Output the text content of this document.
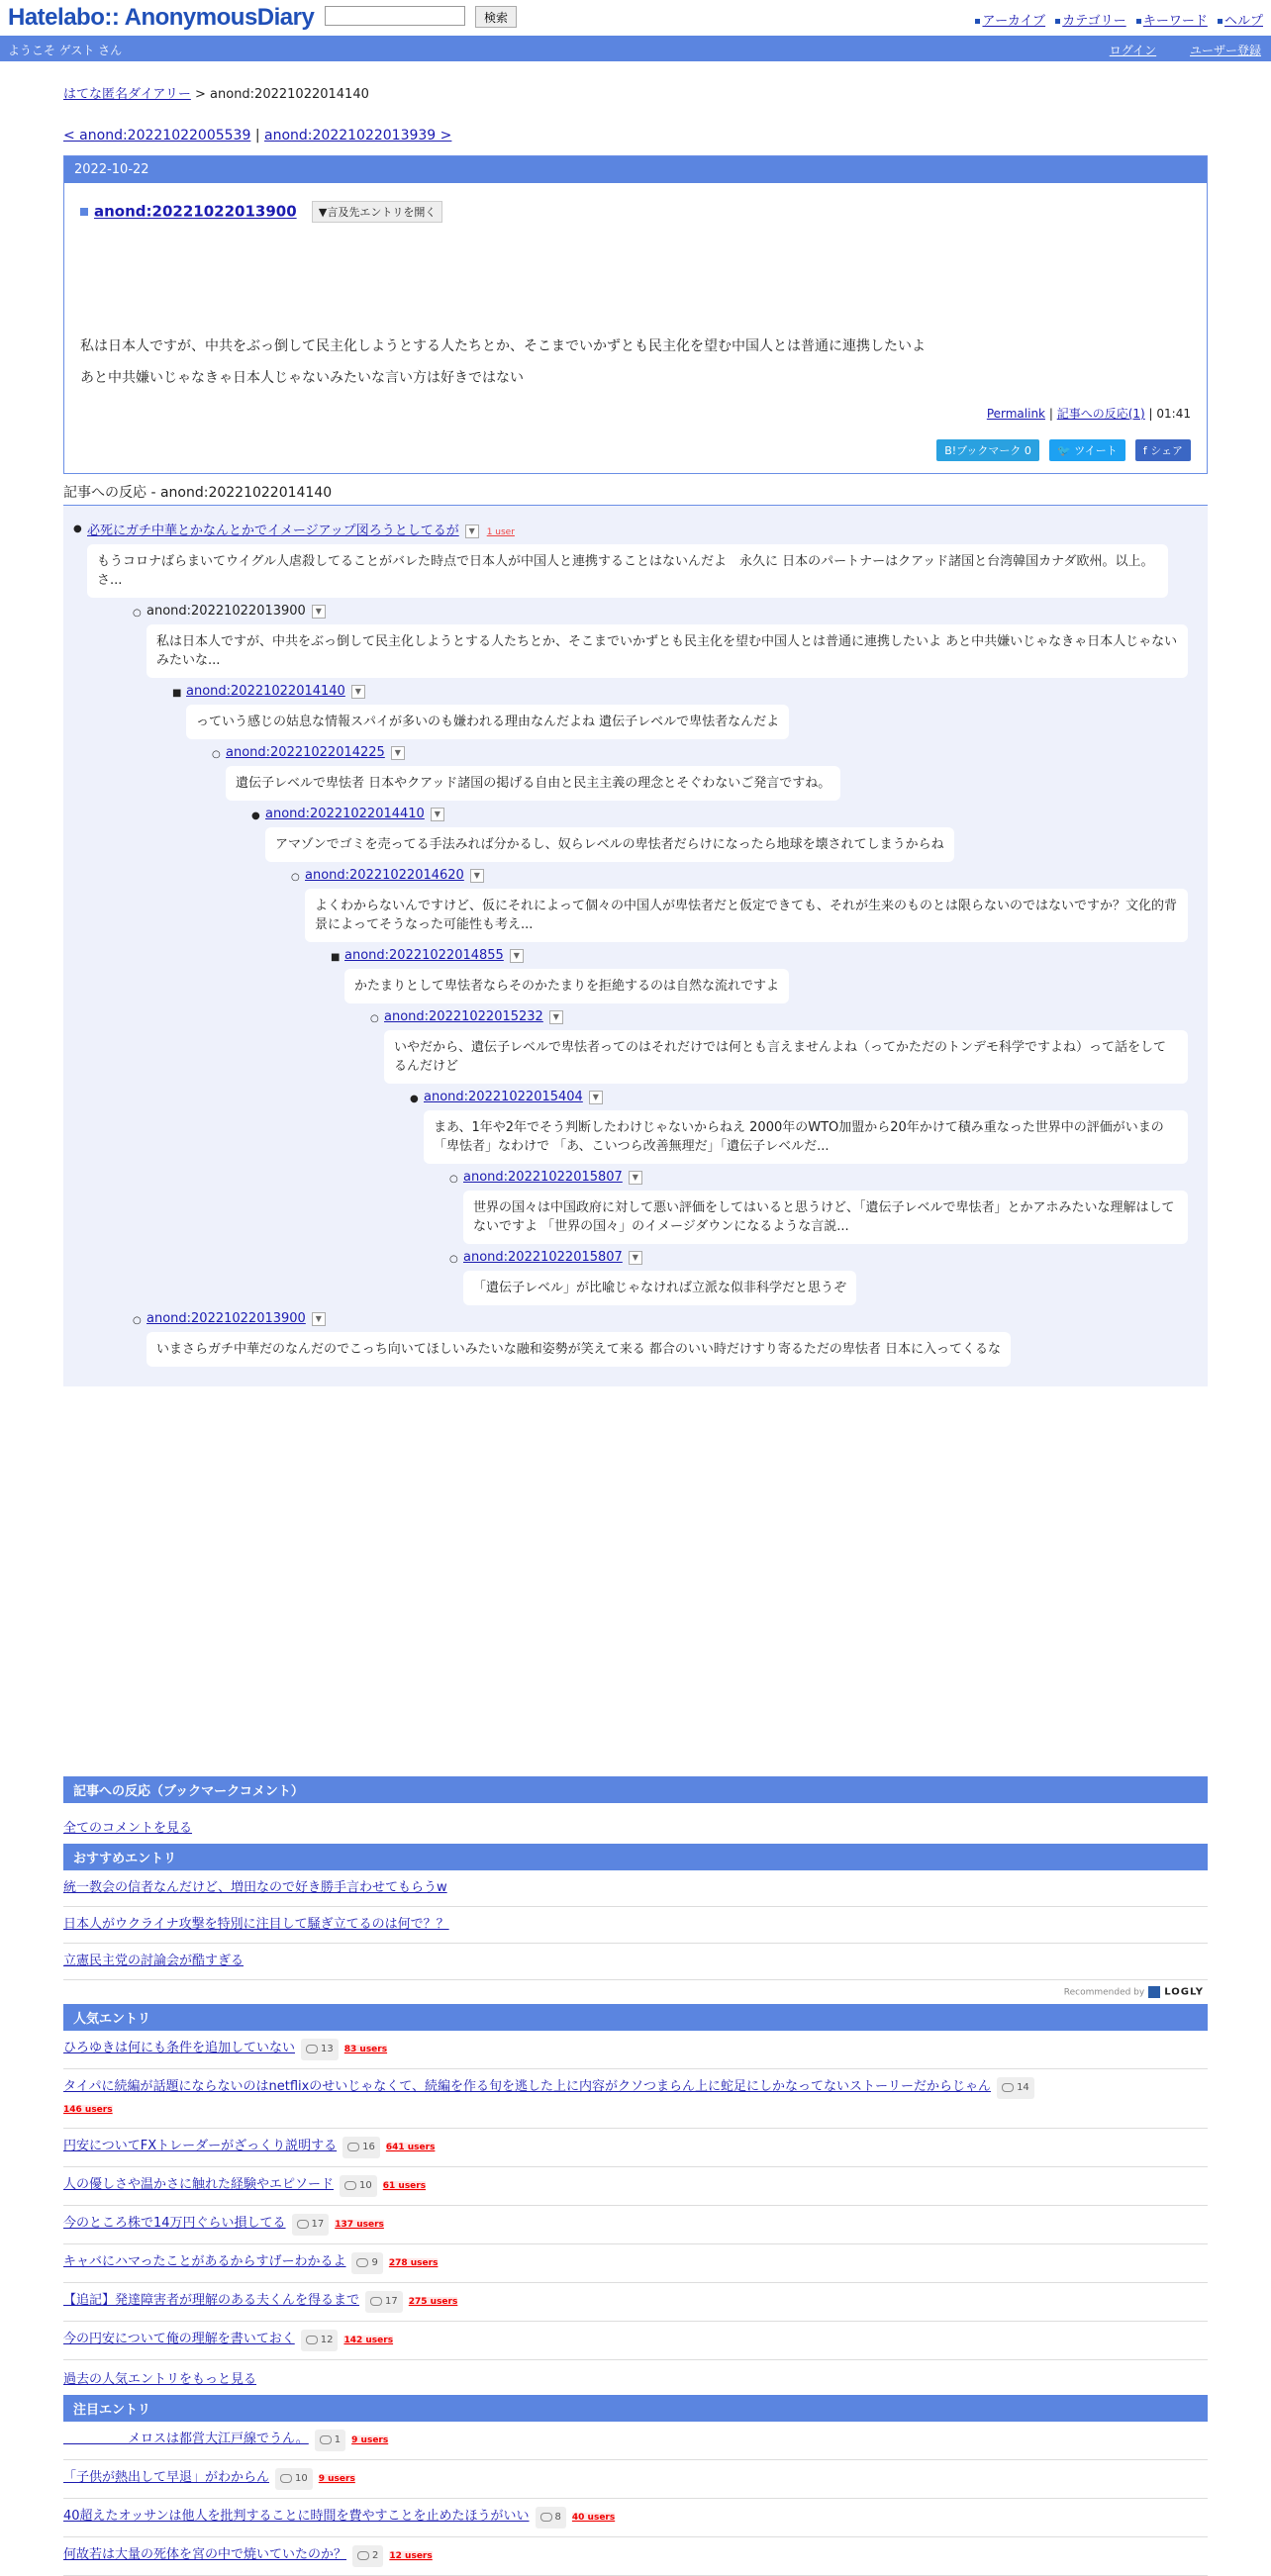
Hatelabo:: AnonymousDiary	検索	アーカイブ カテゴリー キーワード ヘルプ
ようこそ ゲスト さん	ログイン	ユーザー登録
はてな匿名ダイアリー > anond:20221022014140
< anond:20221022005539 | anond:20221022013939 >
2022-10-22
anond:20221022013900 ▼言及先エントリを開く

私は日本人ですが、中共をぶっ倒して民主化しようとする人たちとか、そこまでいかずとも民主化を望む中国人とは普通に連携したいよ

あと中共嫌いじゃなきゃ日本人じゃないみたいな言い方は好きではない

Permalink | 記事への反応(1) | 01:41
B!ブックマーク 0 🐦 ツイート f シェア
記事への反応 - anond:20221022014140
● 必死にガチ中華とかなんとかでイメージアップ図ろうとしてるが ▼ 1 user もうコロナばらまいてウイグル人虐殺してることがバレた時点で日本人が中国人と連携することはないんだよ　永久に 日本のパートナーはクアッド諸国と台湾韓国カナダ欧州。以上。 さ...
○ anond:20221022013900 ▼ 私は日本人ですが、中共をぶっ倒して民主化しようとする人たちとか、そこまでいかずとも民主化を望む中国人とは普通に連携したいよ あと中共嫌いじゃなきゃ日本人じゃないみたいな...
■ anond:20221022014140 ▼
っていう感じの姑息な情報スパイが多いのも嫌われる理由なんだよね 遺伝子レベルで卑怯者なんだよ
○ anond:20221022014225 ▼
遺伝子レベルで卑怯者 日本やクアッド諸国の掲げる自由と民主主義の理念とそぐわないご発言ですね。
● anond:20221022014410 ▼
アマゾンでゴミを売ってる手法みれば分かるし、奴らレベルの卑怯者だらけになったら地球を壊されてしまうからね
○ anond:20221022014620 ▼ よくわからないんですけど、仮にそれによって個々の中国人が卑怯者だと仮定できても、それが生来のものとは限らないのではないですか？文化的背景によってそうなった可能性も考え...
■ anond:20221022014855 ▼
かたまりとして卑怯者ならそのかたまりを拒絶するのは自然な流れですよ
○ anond:20221022015232 ▼ いやだから、遺伝子レベルで卑怯者ってのはそれだけでは何とも言えませんよね（ってかただのトンデモ科学ですよね）って話をしてるんだけど
● anond:20221022015404 ▼ まあ、1年や2年でそう判断したわけじゃないからねえ 2000年のWTO加盟から20年かけて積み重なった世界中の評価がいまの「卑怯者」なわけで 「あ、こいつら改善無理だ」「遺伝子レベルだ...
○ anond:20221022015807 ▼ 世界の国々は中国政府に対して悪い評価をしてはいると思うけど、「遺伝子レベルで卑怯者」とかアホみたいな理解はしてないですよ 「世界の国々」のイメージダウンになるような言説...
○ anond:20221022015807 ▼
「遺伝子レベル」が比喩じゃなければ立派な似非科学だと思うぞ
○ anond:20221022013900 ▼
いまさらガチ中華だのなんだのでこっち向いてほしいみたいな融和姿勢が笑えて来る 都合のいい時だけすり寄るただの卑怯者 日本に入ってくるな
記事への反応（ブックマークコメント）
全てのコメントを見る
おすすめエントリ
統一教会の信者なんだけど、増田なので好き勝手言わせてもらうw
日本人がウクライナ攻撃を特別に注目して騒ぎ立てるのは何で？？
立憲民主党の討論会が酷すぎる
Recommended by LOGLY
人気エントリ
ひろゆきは何にも条件を追加していない	13 83 users
タイパに続編が話題にならないのはnetflixのせいじゃなくて、続編を作る旬を逃した上に内容がクソつまらん上に蛇足にしかなってないストーリーだからじゃん	14
146 users
円安についてFXトレーダーがざっくり説明する	16 641 users
人の優しさや温かさに触れた経験やエピソード	10 61 users
今のところ株で14万円ぐらい損してる	17 137 users
キャバにハマったことがあるからすげーわかるよ	9 278 users
【追記】発達障害者が理解のある夫くんを得るまで	17 275 users
今の円安について俺の理解を書いておく	12 142 users
過去の人気エントリをもっと見る
注目エントリ
　　　　　メロスは都営大江戸線でうん。	1 9 users
「子供が熱出して早退」がわからん	10 9 users
40超えたオッサンは他人を批判することに時間を費やすことを止めたほうがいい	8 40 users
何故若は大量の死体を宮の中で焼いていたのか？	2 12 users
